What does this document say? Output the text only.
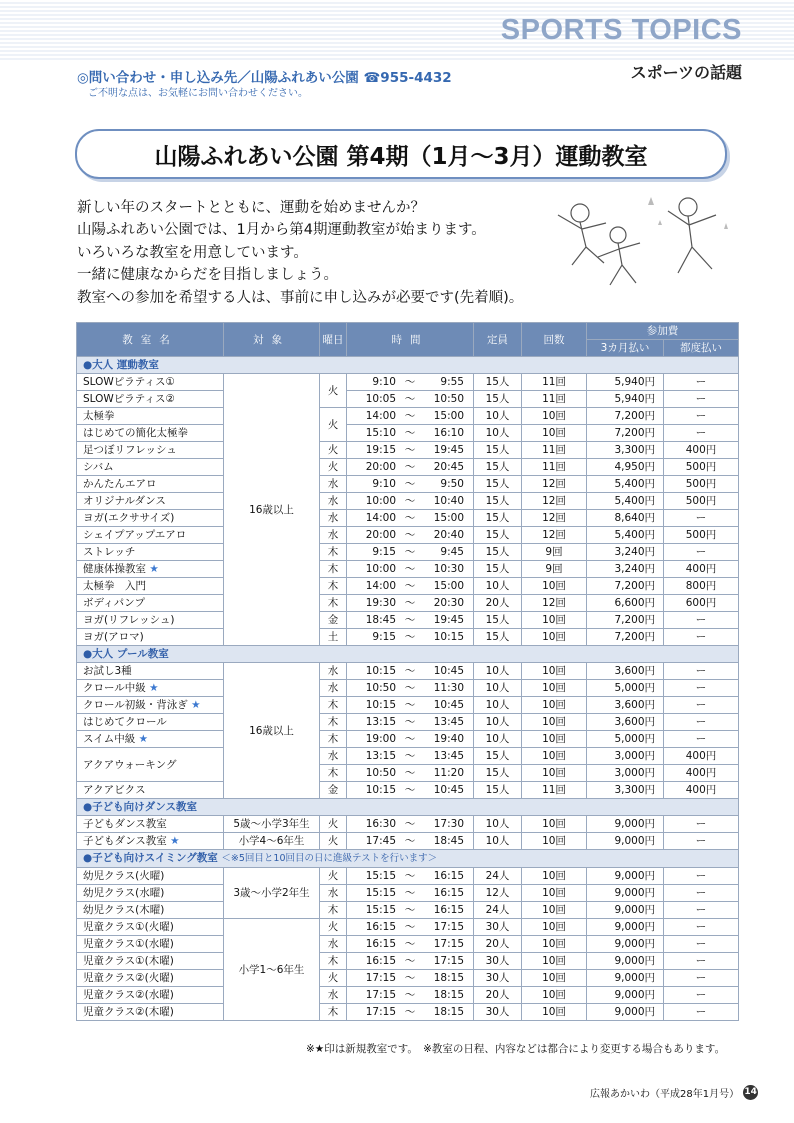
SPORTS TOPICS
スポーツの話題
◎問い合わせ・申し込み先／山陽ふれあい公園 ☎955-4432
ご不明な点は、お気軽にお問い合わせください。
山陽ふれあい公園 第4期（1月～3月）運動教室
新しい年のスタートとともに、運動を始めませんか？
山陽ふれあい公園では、1月から第4期運動教室が始まります。
いろいろな教室を用意しています。
一緒に健康なからだを目指しましょう。
教室への参加を希望する人は、事前に申し込みが必要です(先着順)。
教室名	対象	曜日	時間	定員	回数	参加費	
						3カ月払い	都度払い
●大人 運動教室							
SLOWピラティス①	16歳以上	火	9:10 ～ 9:55	15人	11回	5,940円	ー
SLOWピラティス②			10:05 ～ 10:50	15人	11回	5,940円	ー
太極拳		火	14:00 ～ 15:00	10人	10回	7,200円	ー
はじめての簡化太極拳			15:10 ～ 16:10	10人	10回	7,200円	ー
足つぼリフレッシュ		火	19:15 ～ 19:45	15人	11回	3,300円	400円
シバム		火	20:00 ～ 20:45	15人	11回	4,950円	500円
かんたんエアロ		水	9:10 ～ 9:50	15人	12回	5,400円	500円
オリジナルダンス		水	10:00 ～ 10:40	15人	12回	5,400円	500円
ヨガ(エクササイズ)		水	14:00 ～ 15:00	15人	12回	8,640円	ー
シェイプアップエアロ		水	20:00 ～ 20:40	15人	12回	5,400円	500円
ストレッチ		木	9:15 ～ 9:45	15人	9回	3,240円	ー
健康体操教室 ★		木	10:00 ～ 10:30	15人	9回	3,240円	400円
太極拳　入門		木	14:00 ～ 15:00	10人	10回	7,200円	800円
ボディパンプ		木	19:30 ～ 20:30	20人	12回	6,600円	600円
ヨガ(リフレッシュ)		金	18:45 ～ 19:45	15人	10回	7,200円	ー
ヨガ(アロマ)		土	9:15 ～ 10:15	15人	10回	7,200円	ー
●大人 プール教室							
お試し3種	16歳以上	水	10:15 ～ 10:45	10人	10回	3,600円	ー
クロール中級 ★		水	10:50 ～ 11:30	10人	10回	5,000円	ー
クロール初級・背泳ぎ ★		木	10:15 ～ 10:45	10人	10回	3,600円	ー
はじめてクロール		木	13:15 ～ 13:45	10人	10回	3,600円	ー
スイム中級 ★		木	19:00 ～ 19:40	10人	10回	5,000円	ー
アクアウォーキング		水	13:15 ～ 13:45	15人	10回	3,000円	400円
		木	10:50 ～ 11:20	15人	10回	3,000円	400円
アクアビクス		金	10:15 ～ 10:45	15人	11回	3,300円	400円
●子ども向けダンス教室							
子どもダンス教室	5歳～小学3年生	火	16:30 ～ 17:30	10人	10回	9,000円	ー
子どもダンス教室 ★	小学4～6年生	火	17:45 ～ 18:45	10人	10回	9,000円	ー
●子ども向けスイミング教室 ＜※5回目と10回目の日に進級テストを行います＞							
幼児クラス(火曜)	3歳～小学2年生	火	15:15 ～ 16:15	24人	10回	9,000円	ー
幼児クラス(水曜)		水	15:15 ～ 16:15	12人	10回	9,000円	ー
幼児クラス(木曜)		木	15:15 ～ 16:15	24人	10回	9,000円	ー
児童クラス①(火曜)	小学1～6年生	火	16:15 ～ 17:15	30人	10回	9,000円	ー
児童クラス①(水曜)		水	16:15 ～ 17:15	20人	10回	9,000円	ー
児童クラス①(木曜)		木	16:15 ～ 17:15	30人	10回	9,000円	ー
児童クラス②(火曜)		火	17:15 ～ 18:15	30人	10回	9,000円	ー
児童クラス②(水曜)		水	17:15 ～ 18:15	20人	10回	9,000円	ー
児童クラス②(木曜)		木	17:15 ～ 18:15	30人	10回	9,000円	ー
※★印は新規教室です。　※教室の日程、内容などは都合により変更する場合もあります。
広報あかいわ（平成28年1月号） 14
